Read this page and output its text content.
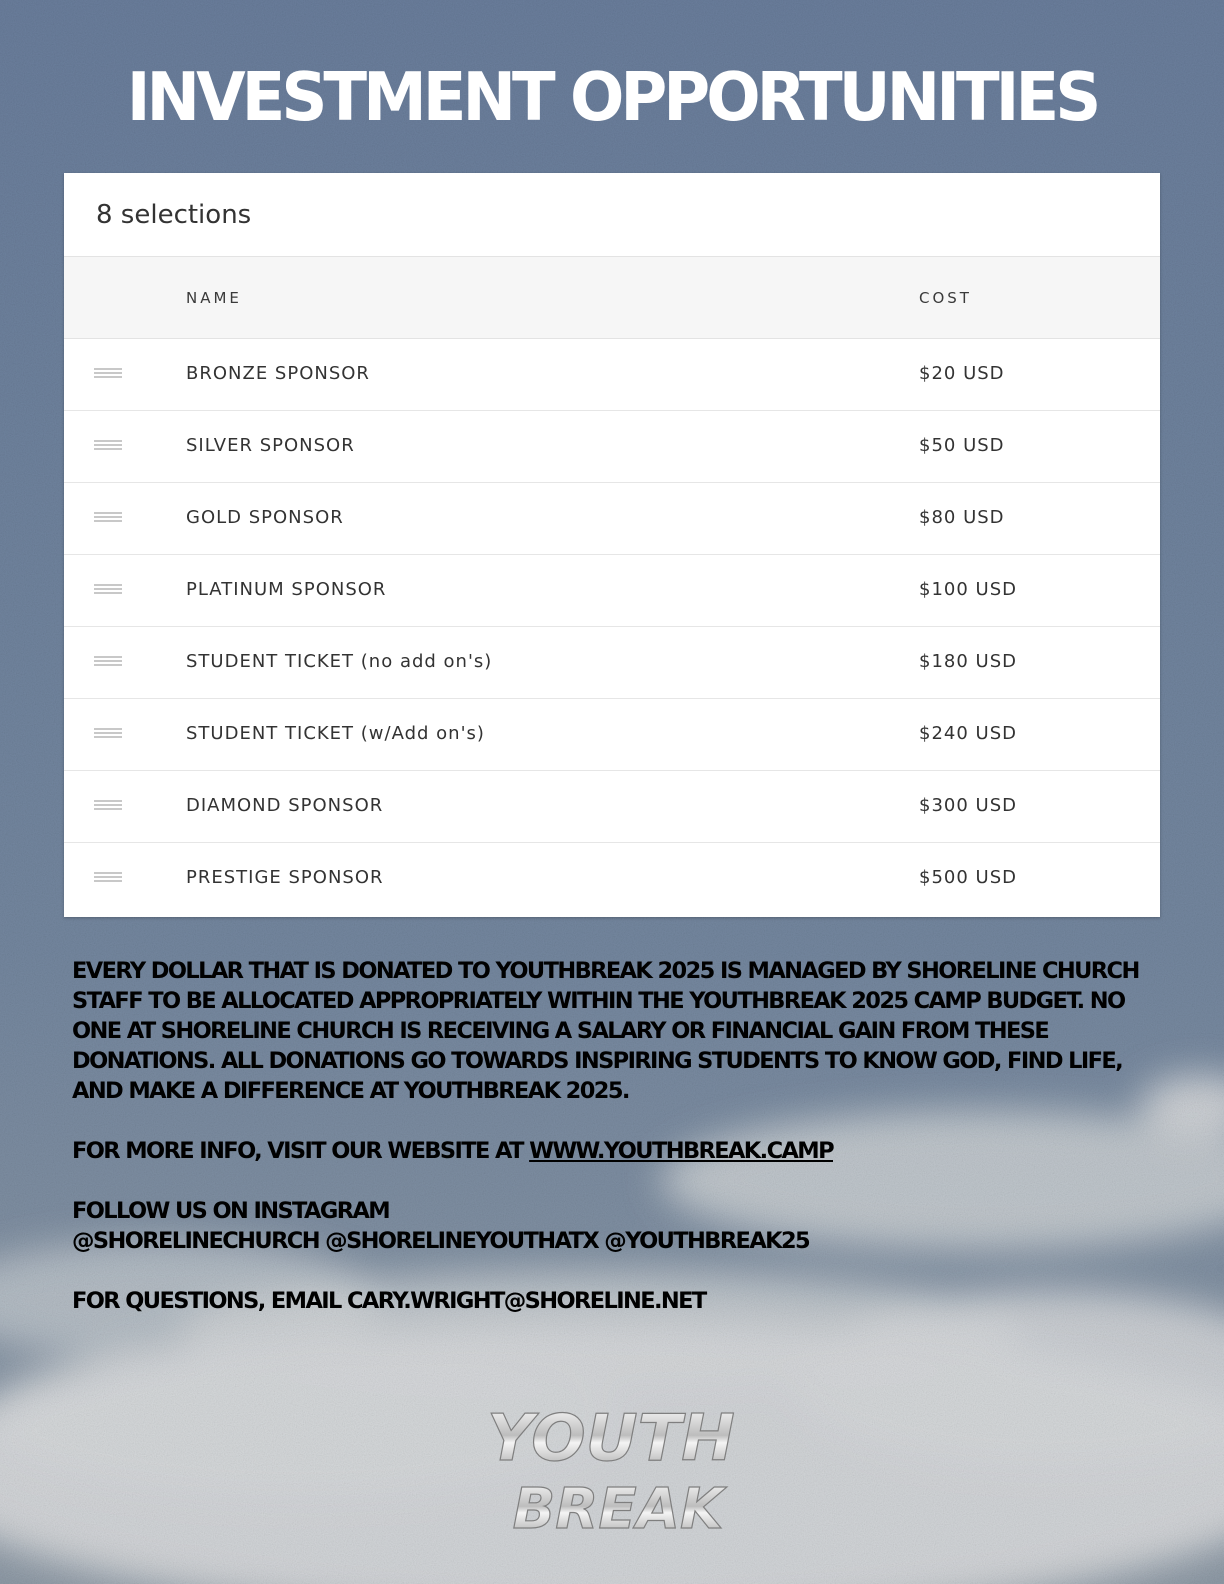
INVESTMENT OPPORTUNITIES
8 selections
NAME	COST
BRONZE SPONSOR	$20 USD
SILVER SPONSOR	$50 USD
GOLD SPONSOR	$80 USD
PLATINUM SPONSOR	$100 USD
STUDENT TICKET (no add on's)	$180 USD
STUDENT TICKET (w/Add on's)	$240 USD
DIAMOND SPONSOR	$300 USD
PRESTIGE SPONSOR	$500 USD

EVERY DOLLAR THAT IS DONATED TO YOUTHBREAK 2025 IS MANAGED BY SHORELINE CHURCH STAFF TO BE ALLOCATED APPROPRIATELY WITHIN THE YOUTHBREAK 2025 CAMP BUDGET. NO ONE AT SHORELINE CHURCH IS RECEIVING A SALARY OR FINANCIAL GAIN FROM THESE DONATIONS. ALL DONATIONS GO TOWARDS INSPIRING STUDENTS TO KNOW GOD, FIND LIFE, AND MAKE A DIFFERENCE AT YOUTHBREAK 2025.

FOR MORE INFO, VISIT OUR WEBSITE AT WWW.YOUTHBREAK.CAMP

FOLLOW US ON INSTAGRAM
@SHORELINECHURCH @SHORELINEYOUTHATX @YOUTHBREAK25

FOR QUESTIONS, EMAIL CARY.WRIGHT@SHORELINE.NET

YOUTH
BREAK
